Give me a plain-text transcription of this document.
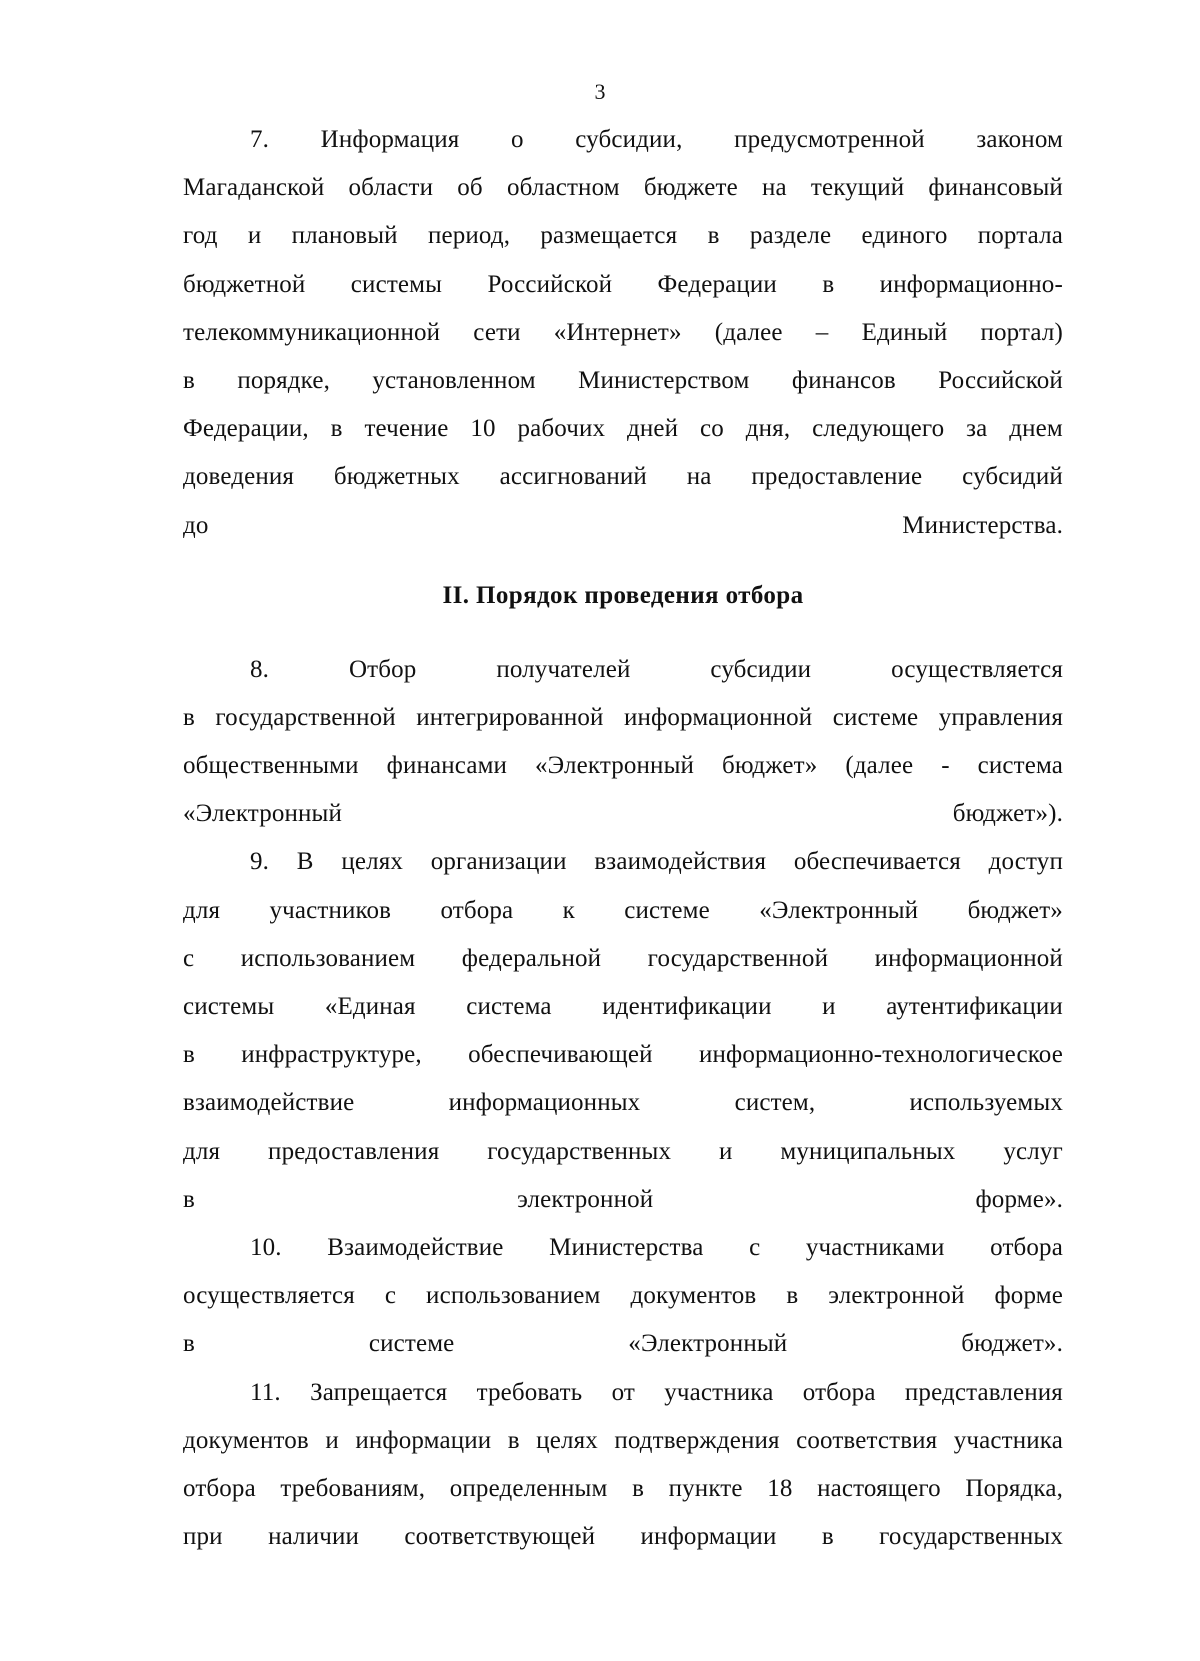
3
7. Информация о субсидии, предусмотренной законом
Магаданской области об областном бюджете на текущий финансовый
год и плановый период, размещается в разделе единого портала
бюджетной системы Российской Федерации в информационно-
телекоммуникационной сети «Интернет» (далее – Единый портал)
в порядке, установленном Министерством финансов Российской
Федерации, в течение 10 рабочих дней со дня, следующего за днем
доведения бюджетных ассигнований на предоставление субсидий
до Министерства.
II. Порядок проведения отбора
8.	Отбор	получателей	субсидии	осуществляется
в государственной интегрированной информационной системе управления
общественными финансами «Электронный бюджет» (далее - система
«Электронный бюджет»).
9. В целях организации взаимодействия обеспечивается доступ
для участников отбора к системе «Электронный бюджет»
с использованием федеральной государственной информационной
системы «Единая система идентификации и аутентификации
в инфраструктуре, обеспечивающей информационно-технологическое
взаимодействие	информационных	систем,	используемых
для предоставления государственных и муниципальных услуг
в электронной форме».
10. Взаимодействие Министерства с участниками отбора
осуществляется с использованием документов в электронной форме
в системе «Электронный бюджет».
11. Запрещается требовать от участника отбора представления
документов и информации в целях подтверждения соответствия участника
отбора требованиям, определенным в пункте 18 настоящего Порядка,
при наличии соответствующей информации в государственных
